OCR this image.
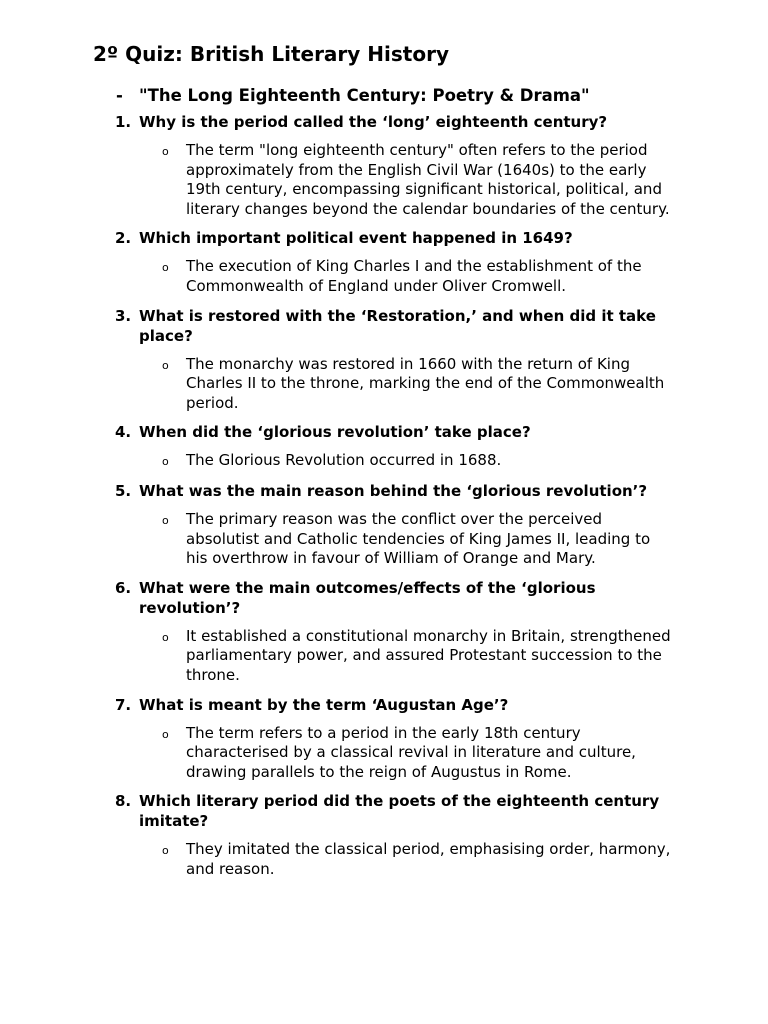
2º Quiz: British Literary History
- "The Long Eighteenth Century: Poetry & Drama"
1. Why is the period called the ‘long’ eighteenth century?
o	The term "long eighteenth century" often refers to the period approximately from the English Civil War (1640s) to the early 19th century, encompassing significant historical, political, and literary changes beyond the calendar boundaries of the century.
2. Which important political event happened in 1649?
o	The execution of King Charles I and the establishment of the Commonwealth of England under Oliver Cromwell.
3. What is restored with the ‘Restoration,’ and when did it take place?
o	The monarchy was restored in 1660 with the return of King Charles II to the throne, marking the end of the Commonwealth period.
4. When did the ‘glorious revolution’ take place?
o	The Glorious Revolution occurred in 1688.
5. What was the main reason behind the ‘glorious revolution’?
o	The primary reason was the conflict over the perceived absolutist and Catholic tendencies of King James II, leading to his overthrow in favour of William of Orange and Mary.
6. What were the main outcomes/effects of the ‘glorious revolution’?
o	It established a constitutional monarchy in Britain, strengthened parliamentary power, and assured Protestant succession to the throne.
7. What is meant by the term ‘Augustan Age’?
o	The term refers to a period in the early 18th century characterised by a classical revival in literature and culture, drawing parallels to the reign of Augustus in Rome.
8. Which literary period did the poets of the eighteenth century imitate?
o	They imitated the classical period, emphasising order, harmony, and reason.
